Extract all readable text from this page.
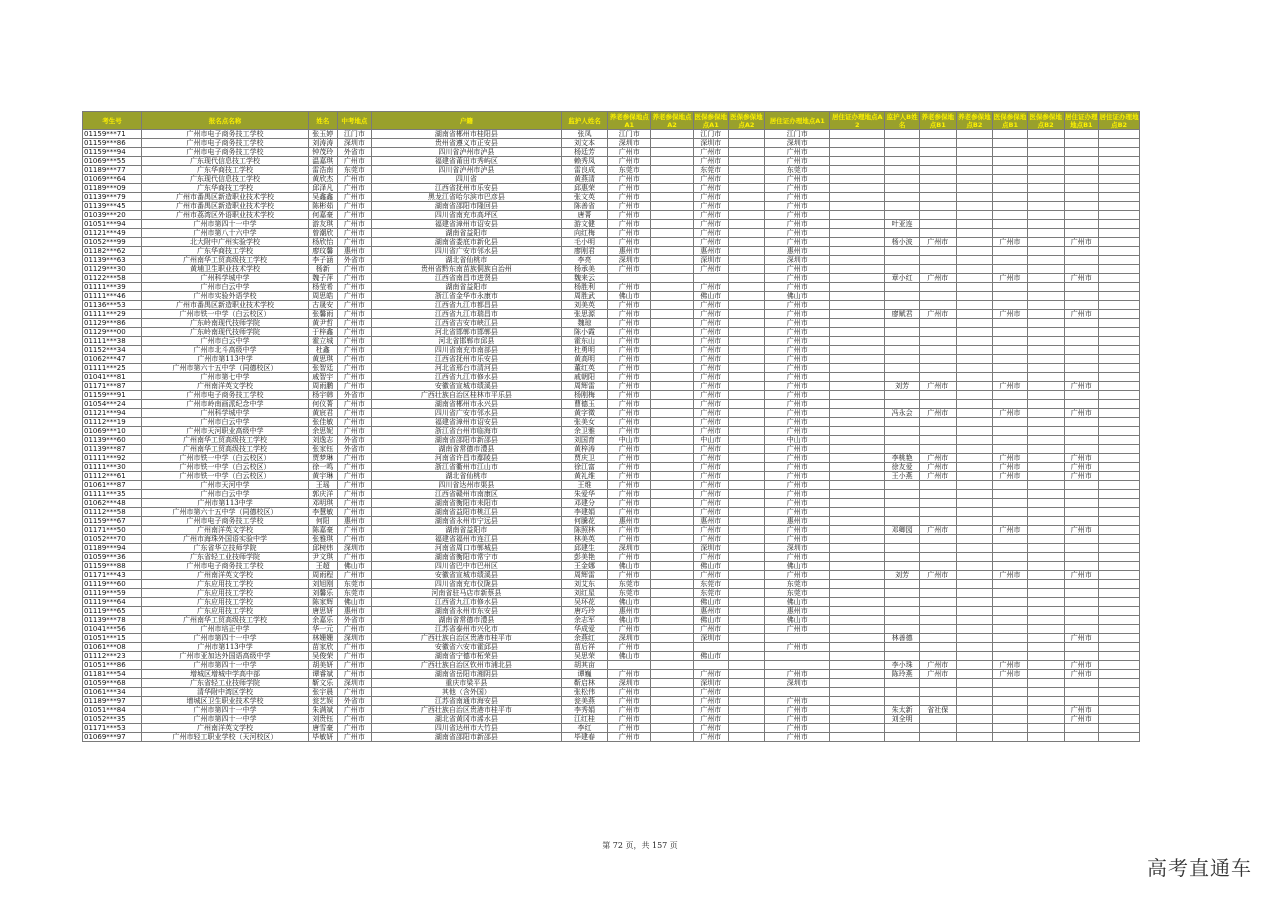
考生号	报名点名称	姓名	中考地点	户籍	监护人姓名	养老参保地点A1	养老参保地点A2	医保参保地点A1	医保参保地点A2	居住证办理地点A1	居住证办理地点A2	监护人B姓名	养老参保地点B1	养老参保地点B2	医保参保地点B1	医保参保地点B2	居住证办理地点B1	居住证办理地点B2
01159***71	广州市电子商务技工学校	张玉婷	江门市	湖南省郴州市桂阳县	张凤	江门市		江门市		江门市								
01159***86	广州市电子商务技工学校	刘涛涛	深圳市	贵州省遵义市正安县	刘文本	深圳市		深圳市		深圳市								
01159***94	广州市电子商务技工学校	钟茂玲	外省市	四川省泸州市泸县	杨廷芳	广州市		广州市		广州市								
01069***55	广东现代信息技工学校	温嘉琪	广州市	福建省莆田市秀屿区	赖秀凤	广州市		广州市		广州市								
01189***77	广东华商技工学校	雷浩南	东莞市	四川省泸州市泸县	雷良成	东莞市		东莞市		东莞市								
01069***64	广东现代信息技工学校	黄欣杰	广州市	四川省	黄燕清	广州市		广州市		广州市								
01189***09	广东华商技工学校	邱泽凡	广州市	江西省抚州市乐安县	邱惠荣	广州市		广州市		广州市								
01139***79	广州市番禺区新造职业技术学校	吴鑫鑫	广州市	黑龙江省哈尔滨市巴彦县	张文英	广州市		广州市		广州市								
01139***45	广州市番禺区新造职业技术学校	陈彬茹	广州市	湖南省邵阳市隆回县	陈善省	广州市		广州市		广州市								
01039***20	广州市荔湾区外语职业技术学校	何嘉豪	广州市	四川省南充市高坪区	唐菁	广州市		广州市		广州市								
01051***94	广州市第四十一中学	游友琪	广州市	福建省漳州市诏安县	游文健	广州市		广州市		广州市		叶亚连						
01121***49	广州市第八十六中学	曾潮欣	广州市	湖南省益阳市	向红梅	广州市		广州市		广州市								
01052***99	北大附中广州实验学校	杨欣怡	广州市	湖南省娄底市新化县	毛小明	广州市		广州市		广州市		杨小波	广州市		广州市		广州市	
01182***62	广东华商技工学校	廖玟馨	惠州市	四川省广安市邻水县	廖刚君	惠州市		惠州市		惠州市								
01139***63	广州南华工贸高级技工学校	李子涵	外省市	湖北省仙桃市	李亮	深圳市		深圳市		深圳市								
01129***30	黄埔卫生职业技术学校	杨新	广州市	贵州省黔东南苗族侗族自治州	杨承美	广州市		广州市		广州市								
01122***58	广州科学城中学	魏子萍	广州市	江西省南昌市进贤县	魏来云					广州市		章小红	广州市		广州市		广州市	
01111***39	广州市白云中学	杨莹希	广州市	湖南省益阳市	杨胜利	广州市		广州市		广州市								
01111***46	广州市实验外语学校	周思皓	广州市	浙江省金华市永康市	周胜武	佛山市		佛山市		佛山市								
01136***53	广州市番禺区新造职业技术学校	古晟安	广州市	江西省九江市都昌县	刘美英	广州市		广州市		广州市								
01111***29	广州市铁一中学（白云校区）	张馨雨	广州市	江西省九江市瑞昌市	张思源	广州市		广州市		广州市		廖赋君	广州市		广州市		广州市	
01129***86	广东岭南现代技师学院	黄尹哲	广州市	江西省吉安市峡江县	魏琼	广州市		广州市		广州市								
01129***00	广东岭南现代技师学院	于梓鑫	广州市	河北省邯郸市邯郸县	陈小霞	广州市		广州市		广州市								
01111***38	广州市白云中学	霍立城	广州市	河北省邯郸市邱县	霍东山	广州市		广州市		广州市								
01152***34	广州市北斗高级中学	杜鑫	广州市	四川省南充市南部县	杜勇明	广州市		广州市		广州市								
01062***47	广州市第113中学	黄思琪	广州市	江西省抚州市乐安县	黄高明	广州市		广州市		广州市								
01111***25	广州市第六十五中学（同德校区）	张智廷	广州市	河北省邢台市清河县	董红英	广州市		广州市		广州市								
01041***81	广州市第七中学	戚智宇	广州市	江西省九江市修水县	戚朝阳	广州市		广州市		广州市								
01171***87	广州南洋英文学校	周雨鹏	广州市	安徽省宣城市绩溪县	周辉雷	广州市		广州市		广州市		刘芳	广州市		广州市		广州市	
01159***91	广州市电子商务技工学校	杨宇韩	外省市	广西壮族自治区桂林市平乐县	杨刚梅	广州市		广州市		广州市								
01054***24	广州市岭南画派纪念中学	何仪菁	广州市	湖南省郴州市永兴县	曹德玉	广州市		广州市		广州市								
01121***94	广州科学城中学	黄宸君	广州市	四川省广安市邻水县	黄字徵	广州市		广州市		广州市		冯永会	广州市		广州市		广州市	
01112***19	广州市白云中学	张佳敏	广州市	福建省漳州市诏安县	张美女	广州市		广州市		广州市								
01069***10	广州市天河职业高级中学	余思妮	广州市	浙江省台州市临海市	余卫雅	广州市		广州市		广州市								
01139***60	广州南华工贸高级技工学校	刘逸志	外省市	湖南省邵阳市新邵县	刘国育	中山市		中山市		中山市								
01139***87	广州南华工贸高级技工学校	张家钰	外省市	湖南省常德市澧县	黄梓涛	广州市		广州市		广州市								
01111***92	广州市铁一中学（白云校区）	贾梦琳	广州市	河南省许昌市鄢陵县	贾庆卫	广州市		广州市		广州市		李桃艳	广州市		广州市		广州市	
01111***30	广州市铁一中学（白云校区）	徐一鸣	广州市	浙江省衢州市江山市	徐江富	广州市		广州市		广州市		徐友爱	广州市		广州市		广州市	
01112***61	广州市铁一中学（白云校区）	黄宇琳	广州市	湖北省仙桃市	黄礼维	广州市		广州市		广州市		王小燕	广州市		广州市		广州市	
01061***87	广州市天河中学	王瑶	广州市	四川省达州市渠县	王维	广州市		广州市		广州市								
01111***35	广州市白云中学	郭庆洋	广州市	江西省赣州市南康区	朱爱华	广州市		广州市		广州市								
01062***48	广州市第113中学	邓明琪	广州市	湖南省衡阳市耒阳市	邓建分	广州市		广州市		广州市								
01112***58	广州市第六十五中学（同德校区）	李慧敏	广州市	湖南省益阳市桃江县	李建娟	广州市		广州市		广州市								
01159***67	广州市电子商务技工学校	何阳	惠州市	湖南省永州市宁远县	何騰花	惠州市		惠州市		惠州市								
01171***50	广州南洋英文学校	陈嘉豪	广州市	湖南省益阳市	陈照林	广州市		广州市		广州市		邓卿园	广州市		广州市		广州市	
01052***70	广州市海珠外国语实验中学	张雅琪	广州市	福建省福州市连江县	林美英	广州市		广州市		广州市								
01189***94	广东省华立技师学院	邱树炜	深圳市	河南省周口市郸城县	邱建生	深圳市		深圳市		深圳市								
01059***36	广东省轻工业技师学院	尹文琪	广州市	湖南省衡阳市常宁市	彭美艳	广州市		广州市		广州市								
01159***88	广州市电子商务技工学校	王超	佛山市	四川省巴中市巴州区	王金娜	佛山市		佛山市		佛山市								
01171***43	广州南洋英文学校	周雨程	广州市	安徽省宣城市绩溪县	周辉雷	广州市		广州市		广州市		刘芳	广州市		广州市		广州市	
01119***60	广东应用技工学校	刘旭刚	东莞市	四川省南充市仪陇县	刘艾东	东莞市		东莞市		东莞市								
01119***59	广东应用技工学校	刘馨乐	东莞市	河南省驻马店市新蔡县	刘红星	东莞市		东莞市		东莞市								
01119***64	广东应用技工学校	陈家辉	佛山市	江西省九江市修水县	吴环花	佛山市		佛山市		佛山市								
01119***65	广东应用技工学校	唐思妍	惠州市	湖南省永州市东安县	唐巧玲	惠州市		惠州市		惠州市								
01139***78	广州南华工贸高级技工学校	余嘉乐	外省市	湖南省常德市澧县	余志军	佛山市		佛山市		佛山市								
01041***56	广州市培正中学	华一元	广州市	江苏省泰州市兴化市	华成爱	广州市		广州市		广州市								
01051***15	广州市第四十一中学	林姗姗	深圳市	广西壮族自治区贵港市桂平市	余燕红	深圳市		深圳市				林善德					广州市	
01061***08	广州市第113中学	苗家欣	广州市	安徽省六安市霍邱县	苗后祥	广州市				广州市								
01112***23	广州市亚加达外国语高级中学	吴俊荣	广州市	湖南省宁德市柘荣县	吴思荣	佛山市		佛山市										
01051***86	广州市第四十一中学	胡美妍	广州市	广西壮族自治区钦州市浦北县	胡其亩							李小珠	广州市		广州市		广州市	
01181***54	增城区增城中学高中部	谭睿斌	广州市	湖南省岳阳市湘阴县	谭巍	广州市		广州市		广州市		陈玲燕	广州市		广州市		广州市	
01059***68	广东省轻工业技师学院	靳文乐	深圳市	重庆市梁平县	靳启林	深圳市		深圳市		深圳市								
01061***34	清华附中湾区学校	张宇晨	广州市	其他（含外国）	张松伟	广州市		广州市										
01189***97	增城区卫生职业技术学校	瓮艺娱	外省市	江苏省南通市海安县	瓮美燕	广州市		广州市		广州市								
01051***84	广州市第四十一中学	朱满斌	广州市	广西壮族自治区贵港市桂平市	李秀娟	广州市		广州市		广州市		朱太新	省社保				广州市	
01052***35	广州市第四十一中学	刘贵钰	广州市	湖北省黄冈市浠水县	江红桂	广州市		广州市		广州市		刘全明					广州市	
01171***53	广州南洋英文学校	唐雪豪	广州市	四川省达州市大竹县	李红	广州市		广州市		广州市								
01069***97	广州市轻工职业学校（天河校区）	毕敏妍	广州市	湖南省邵阳市新邵县	毕建春	广州市		广州市		广州市								
第 72 页，共 157 页
高考直通车
